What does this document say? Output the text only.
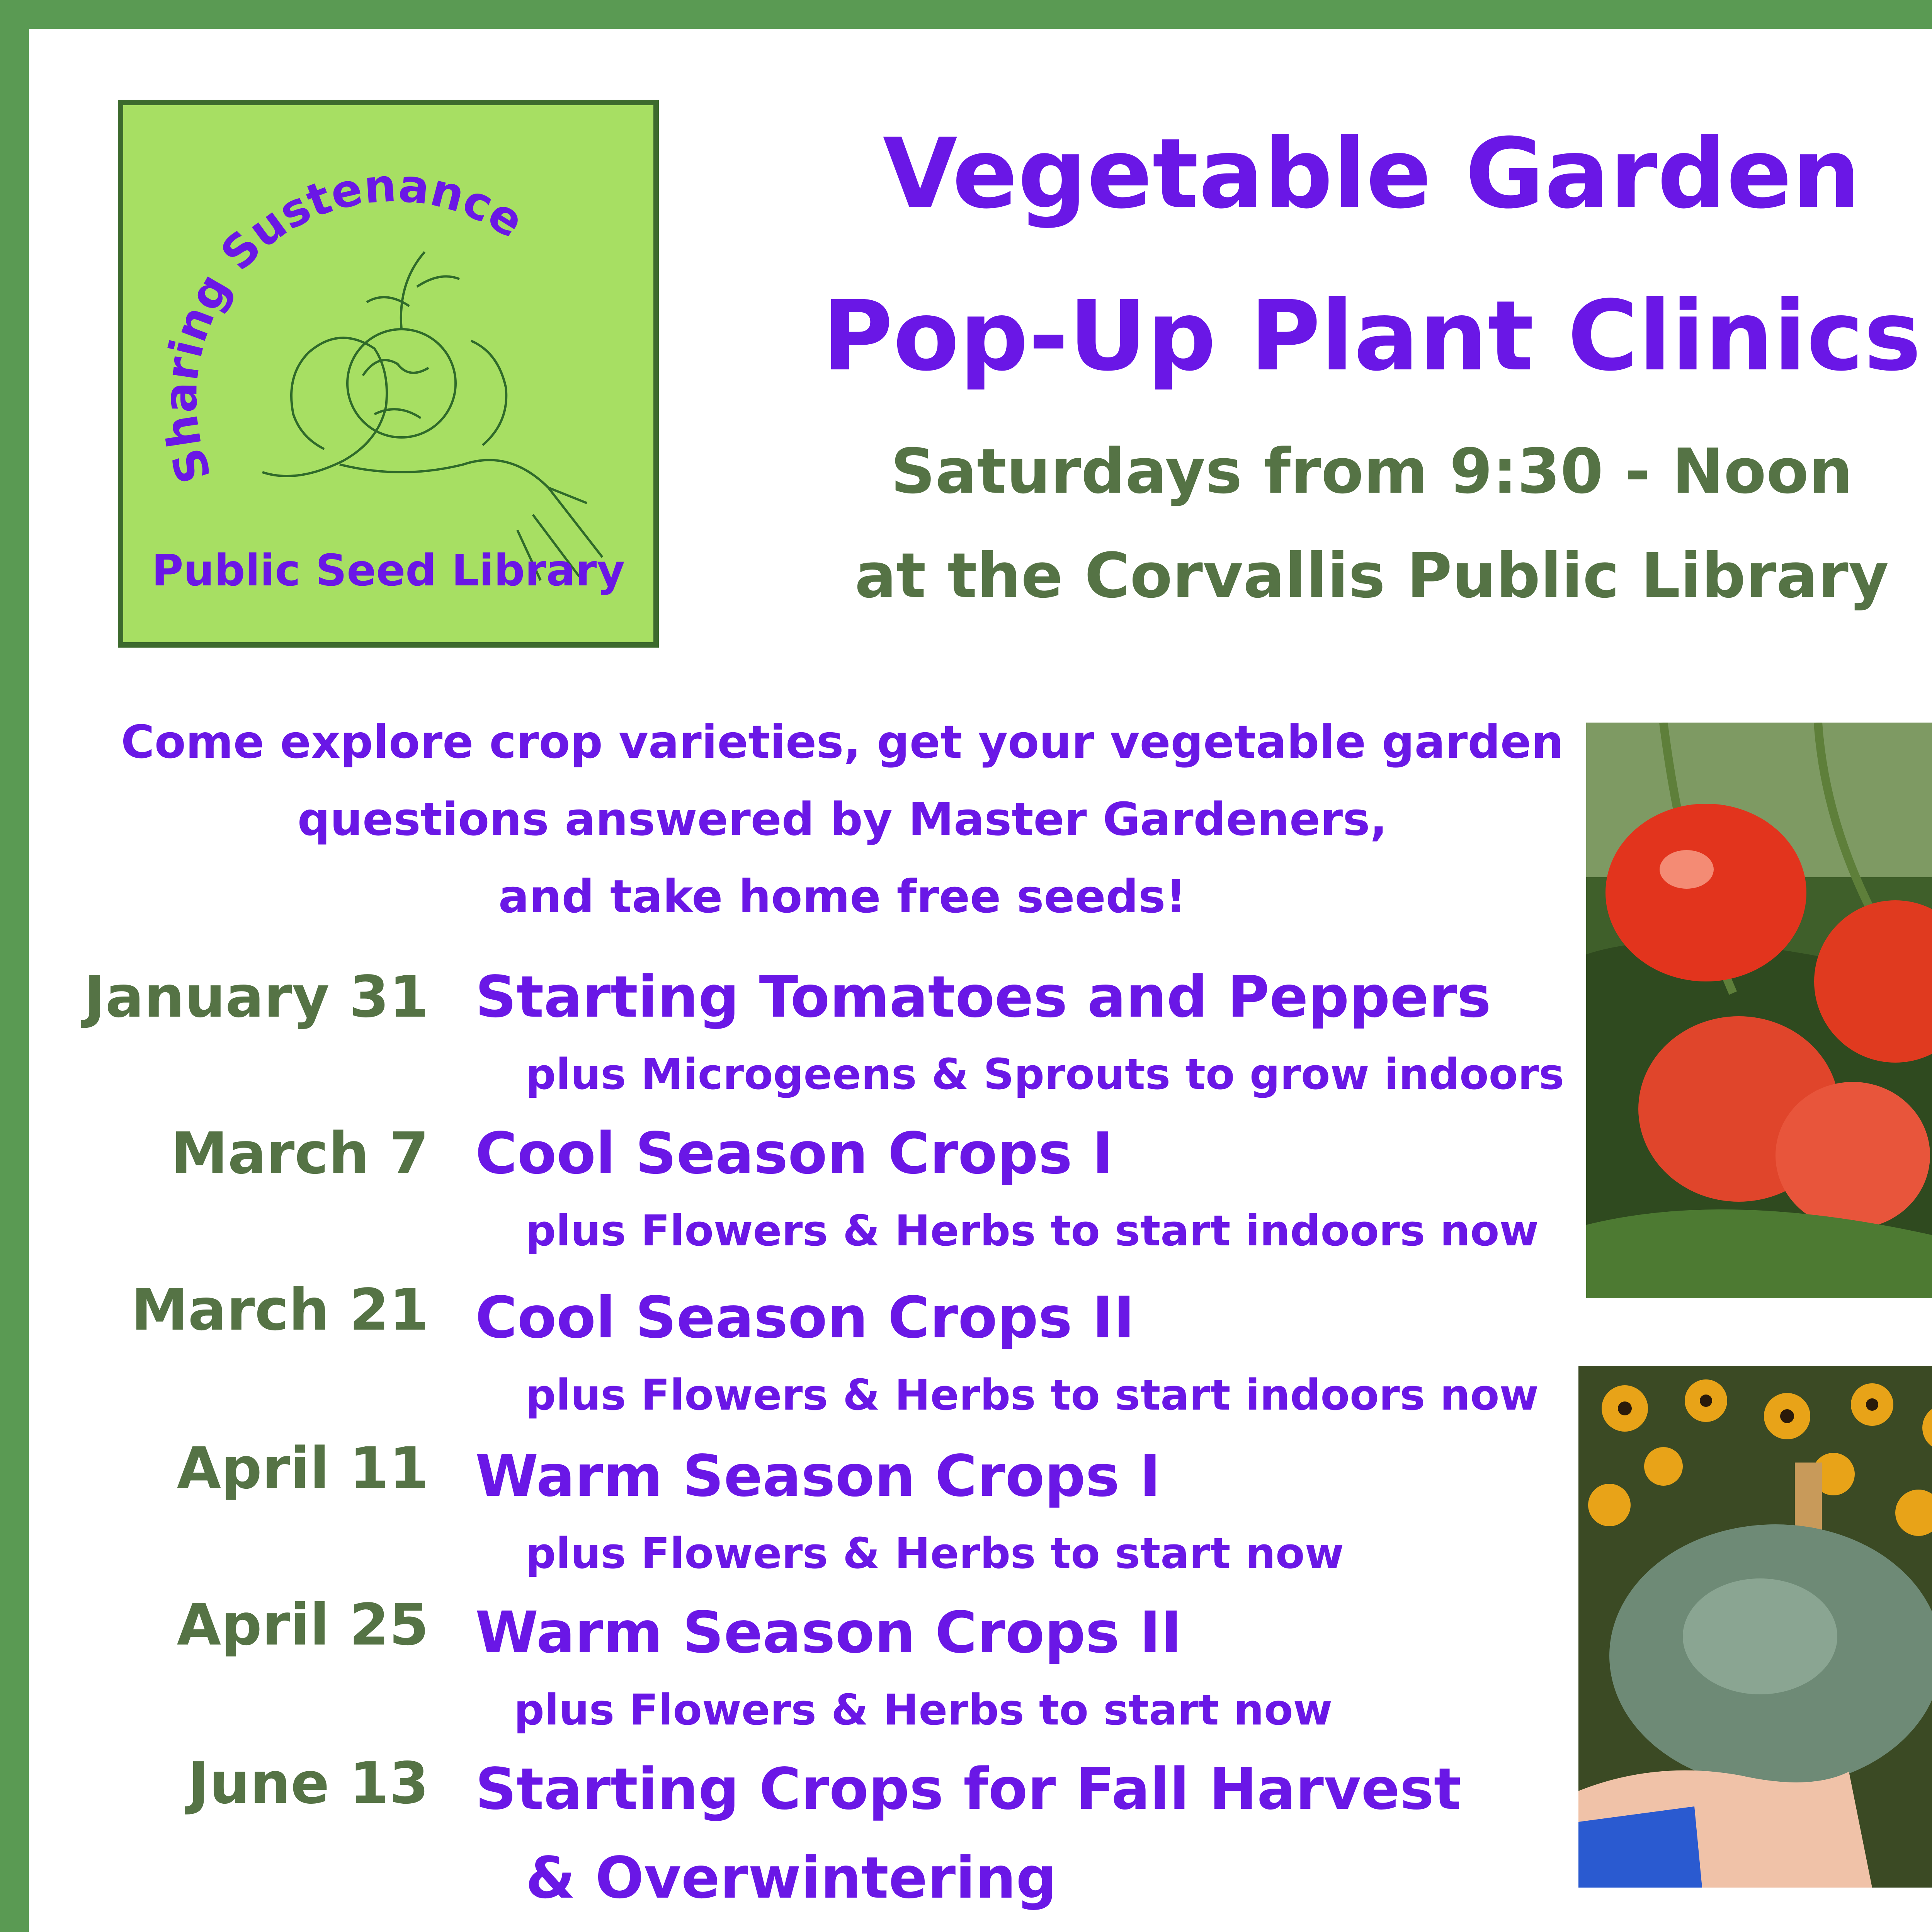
Sharing Sustenance
Public Seed Library
Vegetable Garden
Pop-Up Plant Clinics
Saturdays from 9:30 - Noon
at the Corvallis Public Library
Come explore crop varieties, get your vegetable garden
questions answered by Master Gardeners,
and take home free seeds!
January 31 Starting Tomatoes and Peppers
plus Microgeens & Sprouts to grow indoors
March 7 Cool Season Crops I
plus Flowers & Herbs to start indoors now
March 21 Cool Season Crops II
plus Flowers & Herbs to start indoors now
April 11 Warm Season Crops I
plus Flowers & Herbs to start now
April 25 Warm Season Crops II
plus Flowers & Herbs to start now
June 13 Starting Crops for Fall Harvest
& Overwintering
